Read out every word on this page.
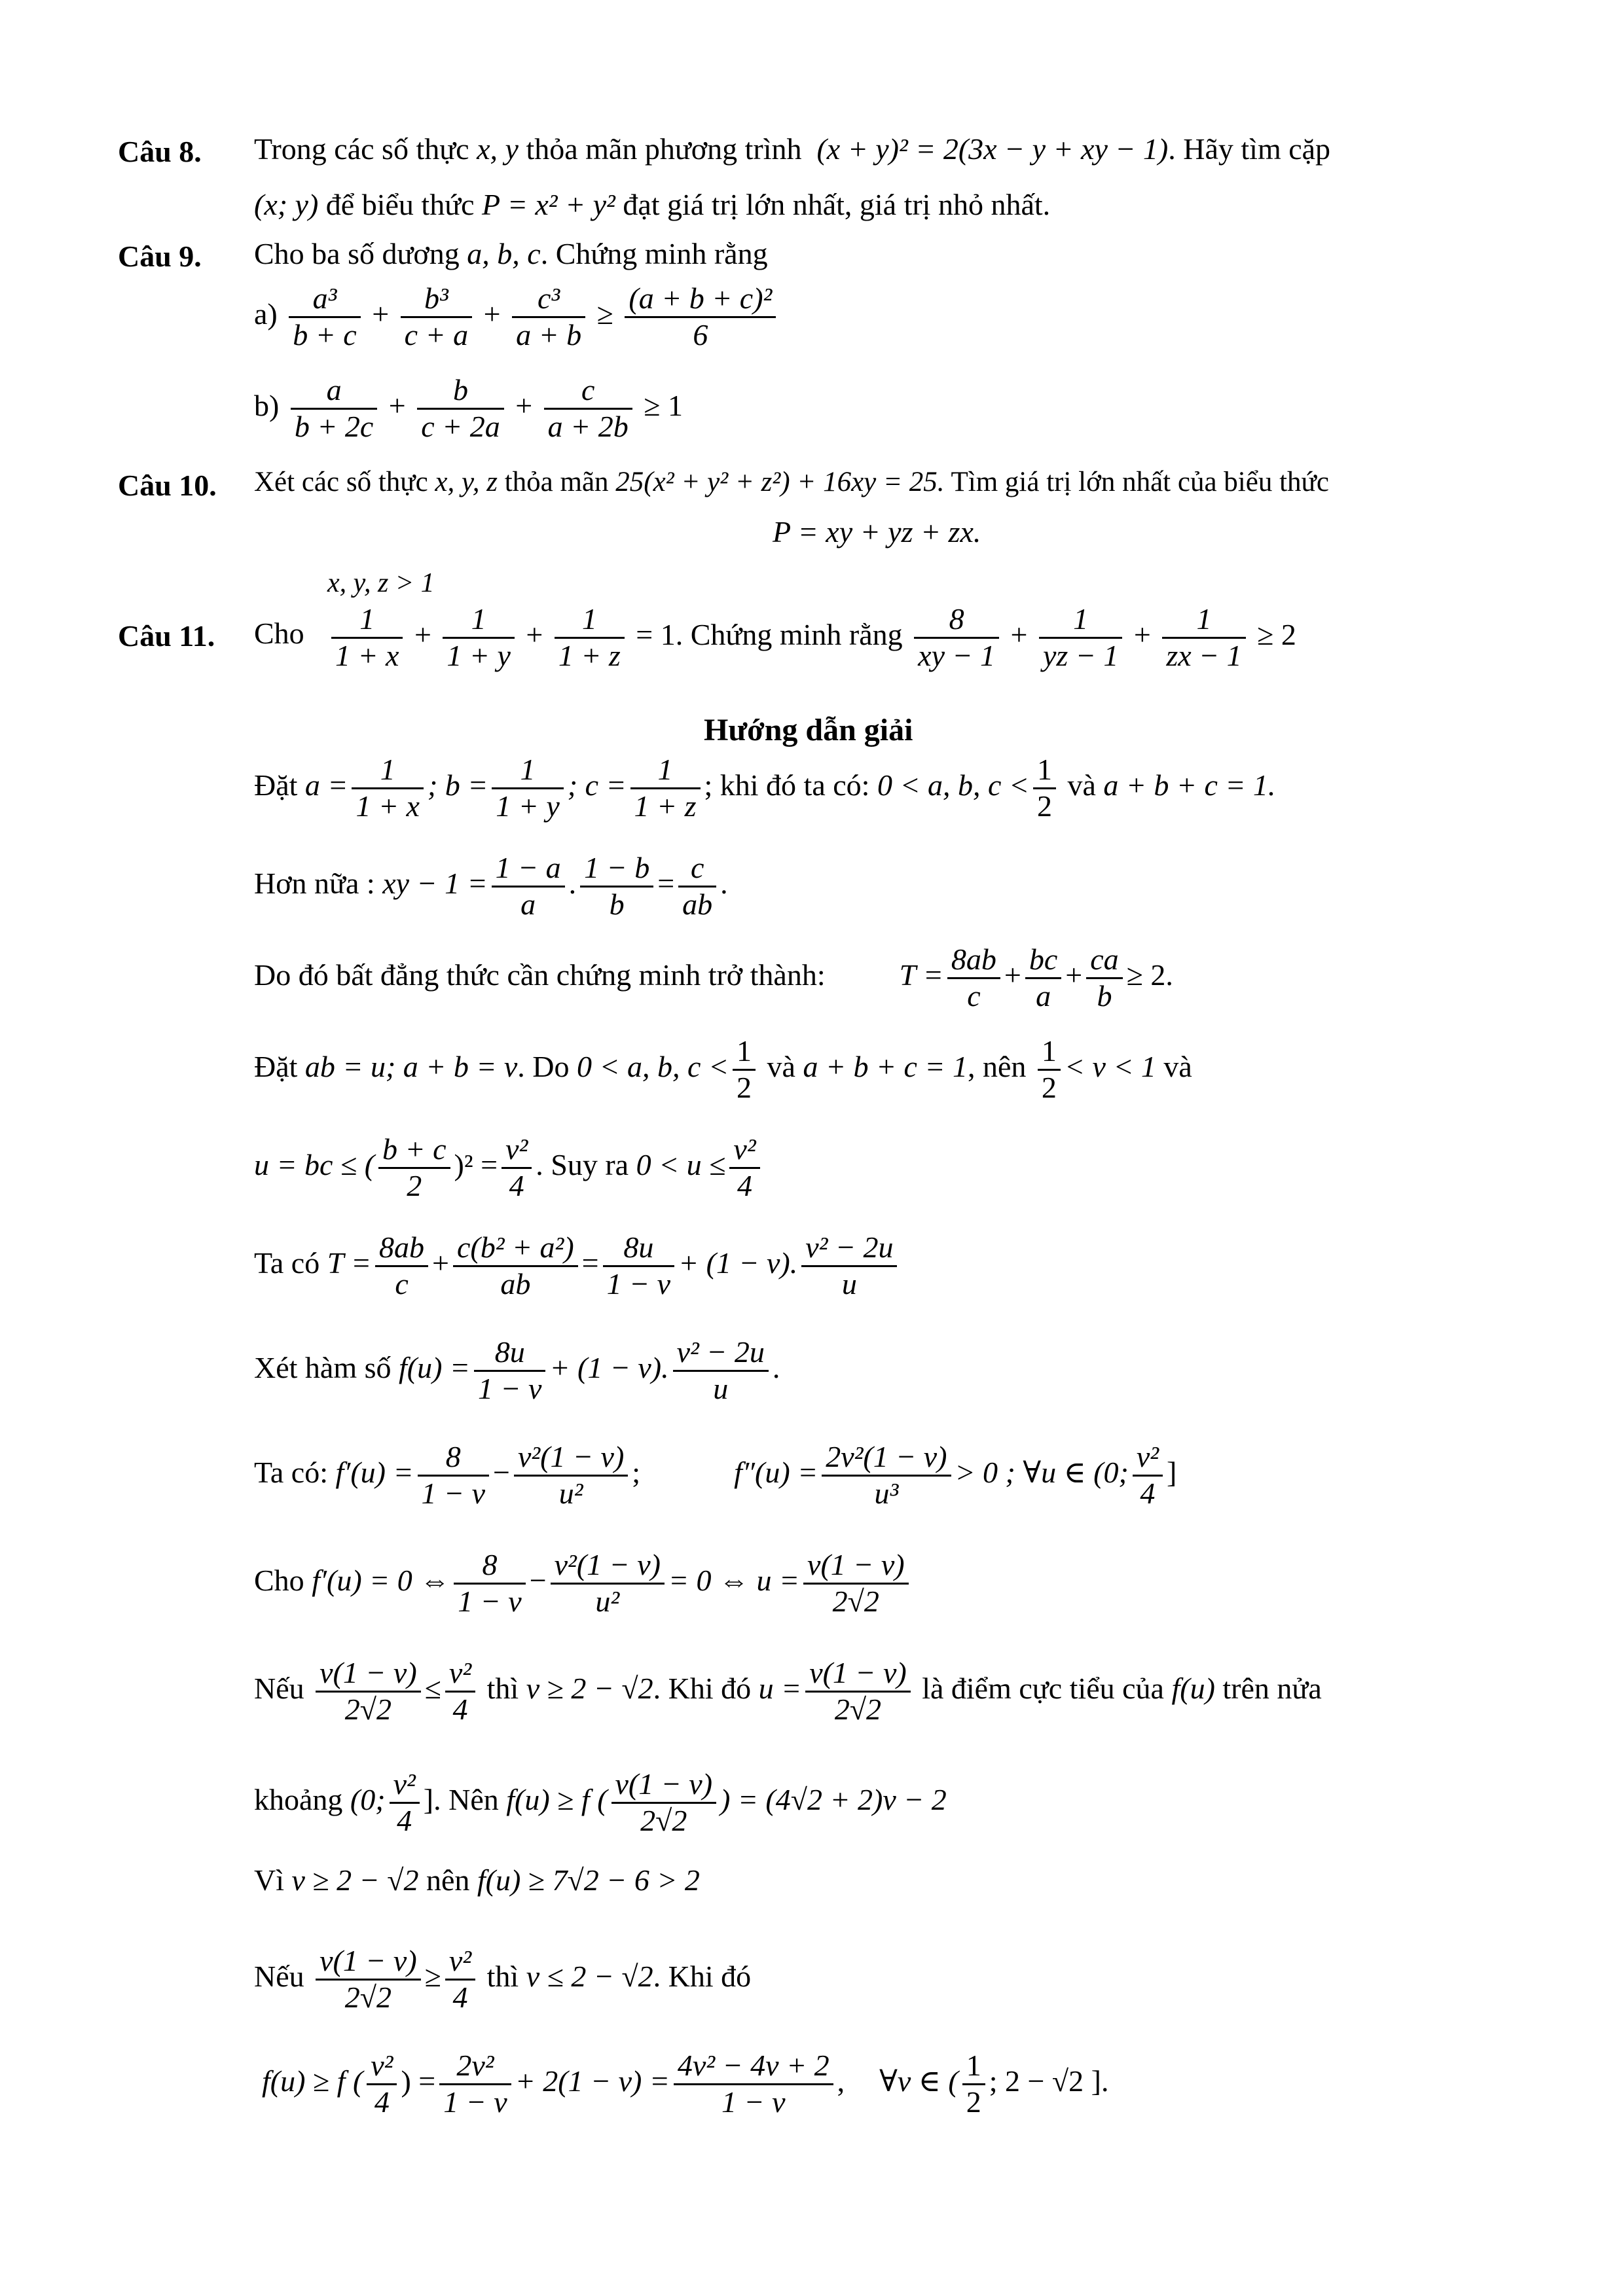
Câu 8. Trong các số thực x, y thỏa mãn phương trình (x + y)² = 2(3x − y + xy − 1). Hãy tìm cặp
(x; y) để biểu thức P = x² + y² đạt giá trị lớn nhất, giá trị nhỏ nhất.
Câu 9. Cho ba số dương a, b, c. Chứng minh rằng
$a) \frac{\text{a³}}{b + c} + \frac{\text{b³}}{c + a} + \frac{\text{c³}}{a + b} \ge \frac{\text{(a + b + c)²}}{6}$
$b) \frac{a}{b + 2c} + \frac{b}{c + 2a} + \frac{c}{a + 2b} \ge 1$
Câu 10. Xét các số thực x, y, z thỏa mãn 25(x² + y² + z²) + 16xy = 25. Tìm giá trị lớn nhất của biểu thức
P = xy + yz + zx.
Câu 11. Cho
x, y, z > 1
$\frac{1}{1 + x} + \frac{1}{1 + y} + \frac{1}{1 + z} = 1$. Chứng minh rằng $\frac{8}{xy - 1} + \frac{1}{yz - 1} + \frac{1}{zx - 1} \ge 2$
Hướng dẫn giải
Đặt $a = \frac{1}{1 + x}$ ; $b = \frac{1}{1 + y}$ ; $c = \frac{1}{1 + z}$ ; khi đó ta có: 0 < a, b, $c < \frac{1}{2}$ và a + b + c = 1.
Hơn nữa : xy − $1 = \frac{1 - a}{a}$ . $\frac{1 - b}{b} = \frac{c}{ab}$ .
Do đó bất đẳng thức cần chứng minh trở thành: $T = \frac{8ab}{c} + \frac{bc}{a} + \frac{ca}{b} \ge 2$.
Đặt ab = u; a + b = v. Do 0 < a, b, $c < \frac{1}{2}$ và a + b + c = 1, nên $\frac{1}{2} < v < 1$ và
u = bc ≤ ( $\frac{b + c}{2} )^2 = \frac{\text{v²}}{4}$ . Suy ra $0 < u \le \frac{\text{v²}}{4}$
Ta có $T = \frac{8ab}{c} + \frac{\text{c(b² + a²)}}{ab} = \frac{8u}{1 - v} + (1 - v)$. $\frac{\text{v² − 2u}}{u}$
Xét hàm số $f(u) = \frac{8u}{1 - v} + (1 - v)$. $\frac{\text{v² − 2u}}{u}$ .
Ta có: $f'(u) = \frac{8}{1 - v} - \frac{\text{v²(1 − v)}}{\text{u²}}$ ;	$f''(u) = \frac{\text{2v²(1 − v)}}{\text{u³}} > 0$ ; ∀u ∈ (0; $\frac{\text{v²}}{4}$ ]
Cho f′(u) = 0 ⇔ $\frac{8}{1 - v} - \frac{\text{v²(1 − v)}}{\text{u²}} = 0$ ⇔ $u = \frac{v(1 - v)}{2√2}$
Nếu $\frac{v(1 - v)}{2√2} \le \frac{\text{v²}}{4}$ thì v ≥ 2 − √2. Khi đó $u = \frac{v(1 - v)}{2√2}$ là điểm cực tiểu của f(u) trên nửa
khoảng (0; $\frac{\text{v²}}{4}$ ]. Nên f(u) ≥ f ( $\frac{v(1 - v)}{2√2}$ ) = (4√2 + 2)v − 2
Vì v ≥ 2 − √2 nên f(u) ≥ 7√2 − 6 > 2
Nếu $\frac{v(1 - v)}{2√2} \ge \frac{\text{v²}}{4}$ thì v ≤ 2 − √2. Khi đó
f(u) ≥ f ( $\frac{\text{v²}}{4}$ ) = $\frac{\text{2v²}}{1 - v} + 2(1 - v) = \frac{\text{4v² − 4v + 2}}{1 - v}$ , ∀v ∈ ( $\frac{1}{2}$ ; 2 − √2 ].
